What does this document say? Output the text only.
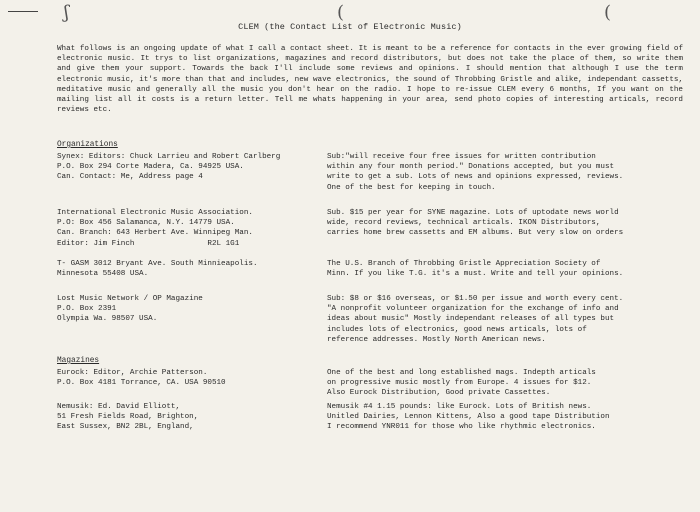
ʃ	(	(
CLEM (the Contact List of Electronic Music)
What follows is an ongoing update of what I call a contact sheet. It is meant to be a reference for contacts in the ever growing field of electronic music. It trys to list organizations, magazines and record distributors, but does not take the place of them, so write them and give them your support. Towards the back I'll include some reviews and opinions. I should mention that although I use the term electronic music, it's more than that and includes, new wave electronics, the sound of Throbbing Gristle and alike, independant cassetts, meditative music and generally all the music you don't hear on the radio. I hope to re-issue CLEM every 6 months, If you want on the mailing list all it costs is a return letter. Tell me whats happening in your area, send photo copies of interesting articals, record reviews etc.
Organizations
Synex: Editors: Chuck Larrieu and Robert Carlberg
P.O. Box 294 Corte Madera, Ca. 94925 USA.
Can. Contact: Me, Address page 4
Sub:"will receive four free issues for written contribution
within any four month period." Donations accepted, but you must
write to get a sub. Lots of news and opinions expressed, reviews.
One of the best for keeping in touch.
International Electronic Music Association.
P.O: Box 456 Salamanca, N.Y. 14779 USA.
Can. Branch: 643 Herbert Ave. Winnipeg Man.
Editor: Jim Finch                R2L 1G1
Sub. $15 per year for SYNE magazine. Lots of uptodate news world
wide, record reviews, technical articals. IKON Distributors,
carries home brew cassetts and EM albums. But very slow on orders
T- GASM 3012 Bryant Ave. South Minnieapolis.
Minnesota 55408 USA.
The U.S. Branch of Throbbing Gristle Appreciation Society of
Minn. If you like T.G. it's a must. Write and tell your opinions.
Lost Music Network / OP Magazine
P.O. Box 2391
Olympia Wa. 98507 USA.
Sub: $8 or $16 overseas, or $1.50 per issue and worth every cent.
"A nonprofit volunteer organization for the exchange of info and
ideas about music" Mostly independant releases of all types but
includes lots of electronics, good news articals, lots of
reference addresses. Mostly North American news.
Magazines
Eurock: Editor, Archie Patterson.
P.O. Box 4181 Torrance, CA. USA 90510
One of the best and long established mags. Indepth articals
on progressive music mostly from Europe. 4 issues for $12.
Also Eurock Distribution, Good private Cassettes.
Nemusik: Ed. David Elliott,
51 Fresh Fields Road, Brighton,
East Sussex, BN2 2BL, England,
Nemusik #4 1.15 pounds: like Eurock. Lots of British news.
Unitled Dairies, Lennon Kittens, Also a good tape Distribution
I recommend YNR011 for those who like rhythmic electronics.
